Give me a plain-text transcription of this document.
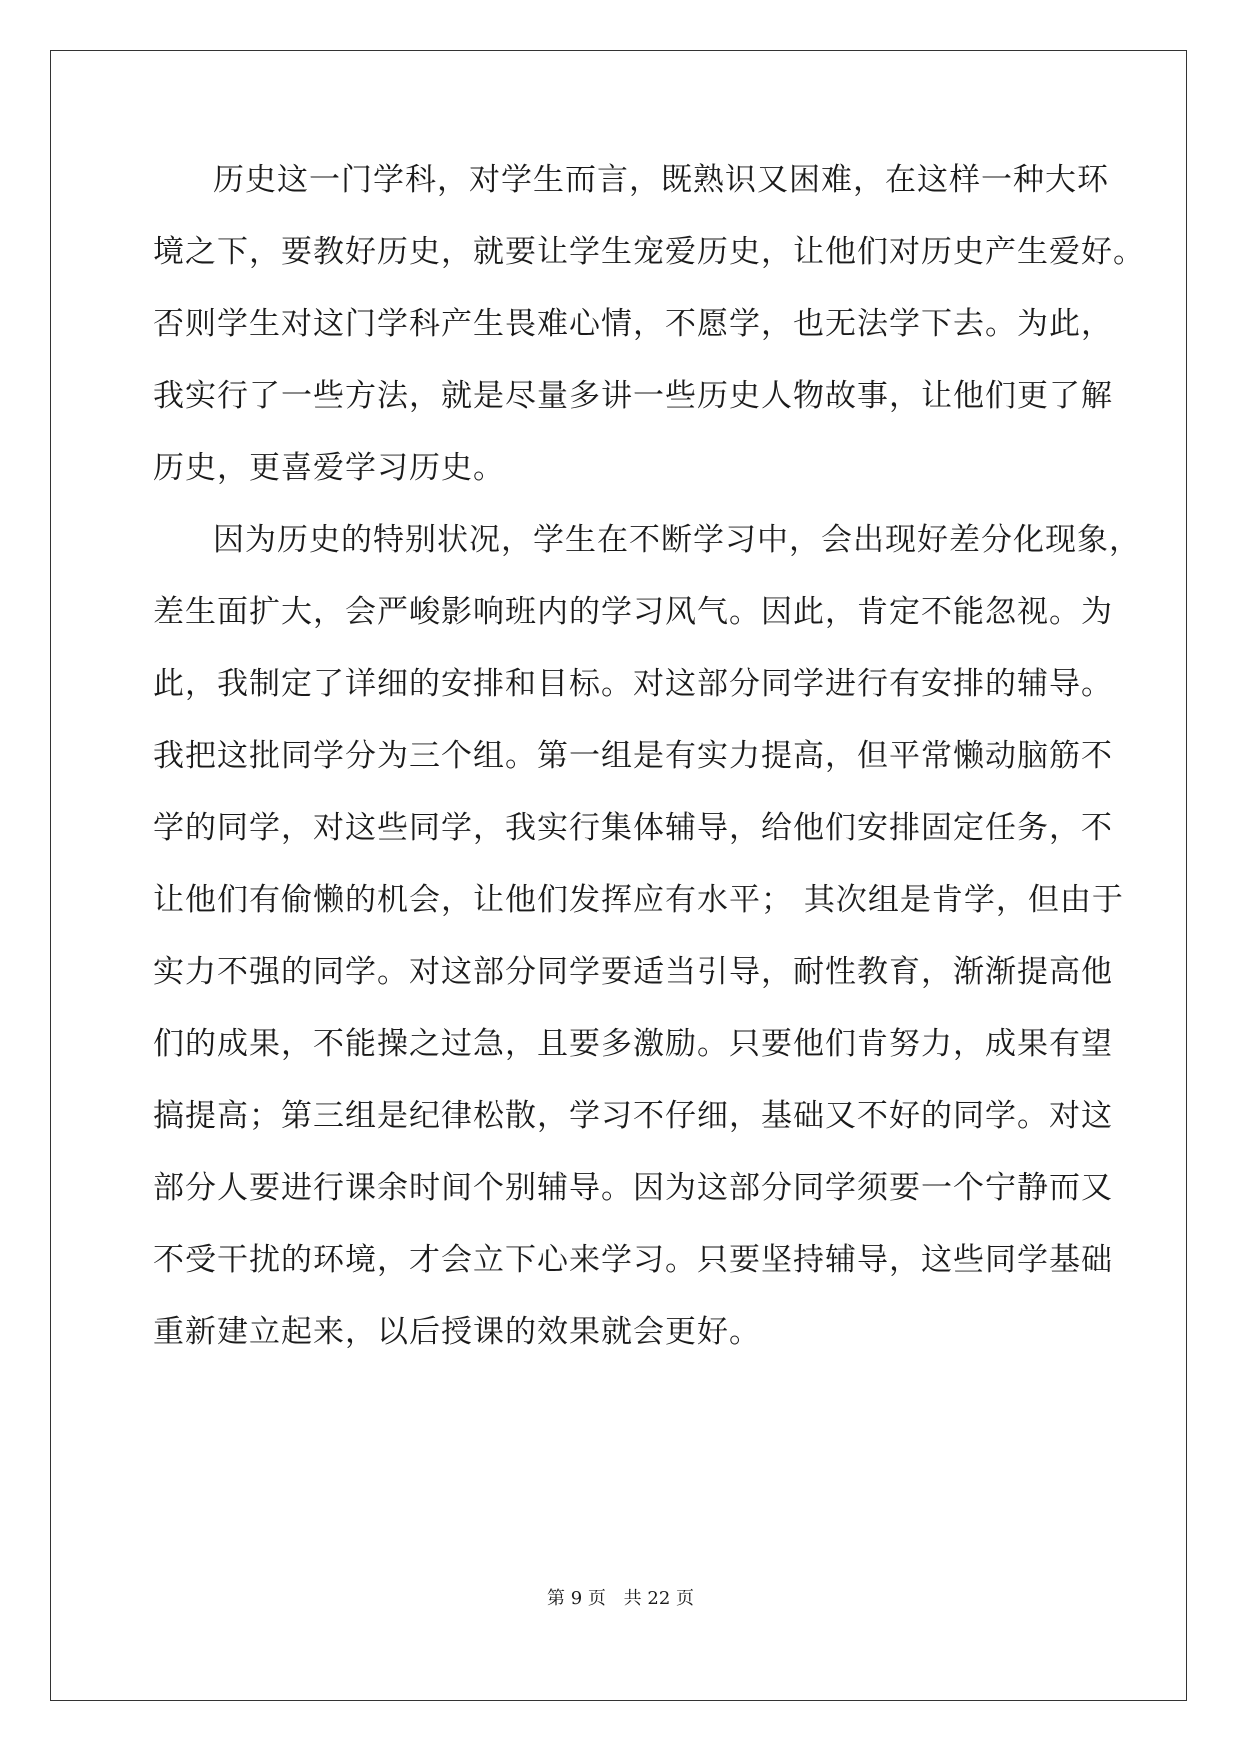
历史这一门学科，对学生而言，既熟识又困难，在这样一种大环
境之下，要教好历史，就要让学生宠爱历史，让他们对历史产生爱好。
否则学生对这门学科产生畏难心情，不愿学，也无法学下去。为此，
我实行了一些方法，就是尽量多讲一些历史人物故事，让他们更了解
历史，更喜爱学习历史。
因为历史的特别状况，学生在不断学习中，会出现好差分化现象，
差生面扩大，会严峻影响班内的学习风气。因此，肯定不能忽视。为
此，我制定了详细的安排和目标。对这部分同学进行有安排的辅导。
我把这批同学分为三个组。第一组是有实力提高，但平常懒动脑筋不
学的同学，对这些同学，我实行集体辅导，给他们安排固定任务，不
让他们有偷懒的机会，让他们发挥应有水平； 其次组是肯学，但由于
实力不强的同学。对这部分同学要适当引导，耐性教育，渐渐提高他
们的成果，不能操之过急，且要多激励。只要他们肯努力，成果有望
搞提高；第三组是纪律松散，学习不仔细，基础又不好的同学。对这
部分人要进行课余时间个别辅导。因为这部分同学须要一个宁静而又
不受干扰的环境，才会立下心来学习。只要坚持辅导，这些同学基础
重新建立起来，以后授课的效果就会更好。
第 9 页 共 22 页
